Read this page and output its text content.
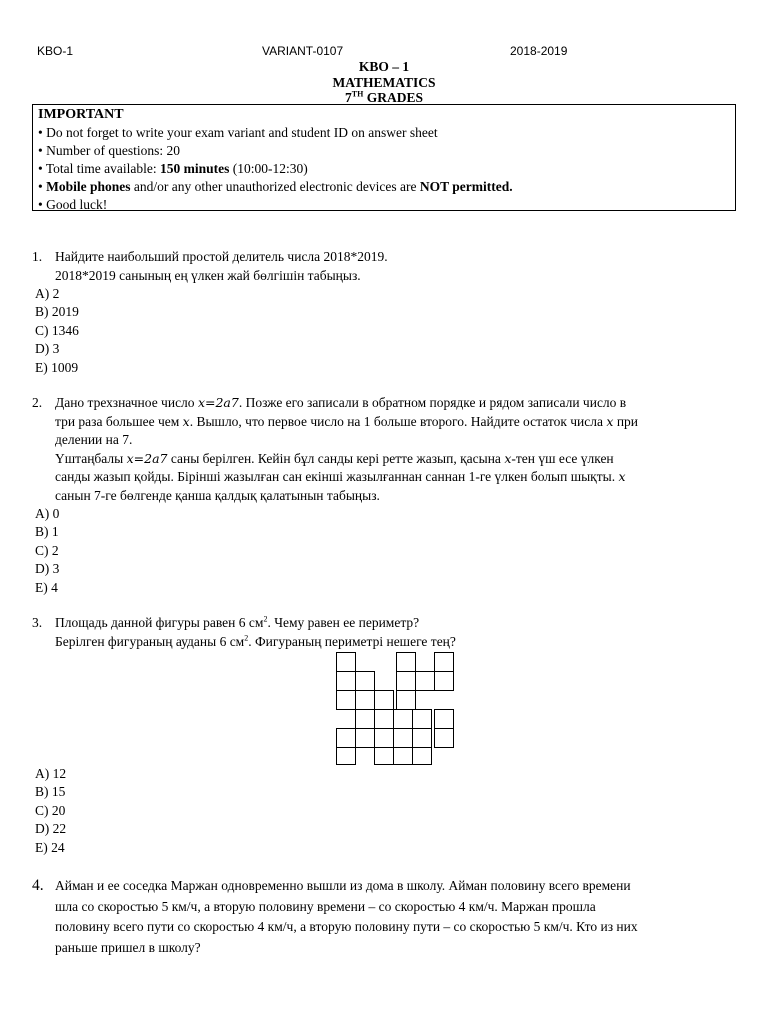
KBO-1	VARIANT-0107	2018-2019
KBO – 1
MATHEMATICS
7TH GRADES
IMPORTANT
• Do not forget to write your exam variant and student ID on answer sheet
• Number of questions: 20
• Total time available: 150 minutes (10:00-12:30)
• Mobile phones and/or any other unauthorized electronic devices are NOT permitted.
• Good luck!
1. Найдите наибольший простой делитель числа 2018*2019.
2018*2019 санының ең үлкен жай бөлгішін табыңыз.
A) 2
B) 2019
C) 1346
D) 3
E) 1009
2. Дано трехзначное число x=2a7. Позже его записали в обратном порядке и рядом записали число в
три раза большее чем x. Вышло, что первое число на 1 больше второго. Найдите остаток числа x при
делении на 7.
Үштаңбалы x=2a7 саны берілген. Кейін бұл санды кері ретте жазып, қасына x-тен үш есе үлкен
санды жазып қойды. Бірінші жазылған сан екінші жазылғаннан саннан 1-ге үлкен болып шықты. x
санын 7-ге бөлгенде қанша қалдық қалатынын табыңыз.
A) 0
B) 1
C) 2
D) 3
E) 4
3. Площадь данной фигуры равен 6 $см^2$. Чему равен ее периметр?
Берілген фигураның ауданы 6 $см^2$. Фигураның периметрі нешеге тең?
A) 12
B) 15
C) 20
D) 22
E) 24
4. Айман и ее соседка Маржан одновременно вышли из дома в школу. Айман половину всего времени
шла со скоростью 5 км/ч, а вторую половину времени – со скоростью 4 км/ч. Маржан прошла
половину всего пути со скоростью 4 км/ч, а вторую половину пути – со скоростью 5 км/ч. Кто из них
раньше пришел в школу?
